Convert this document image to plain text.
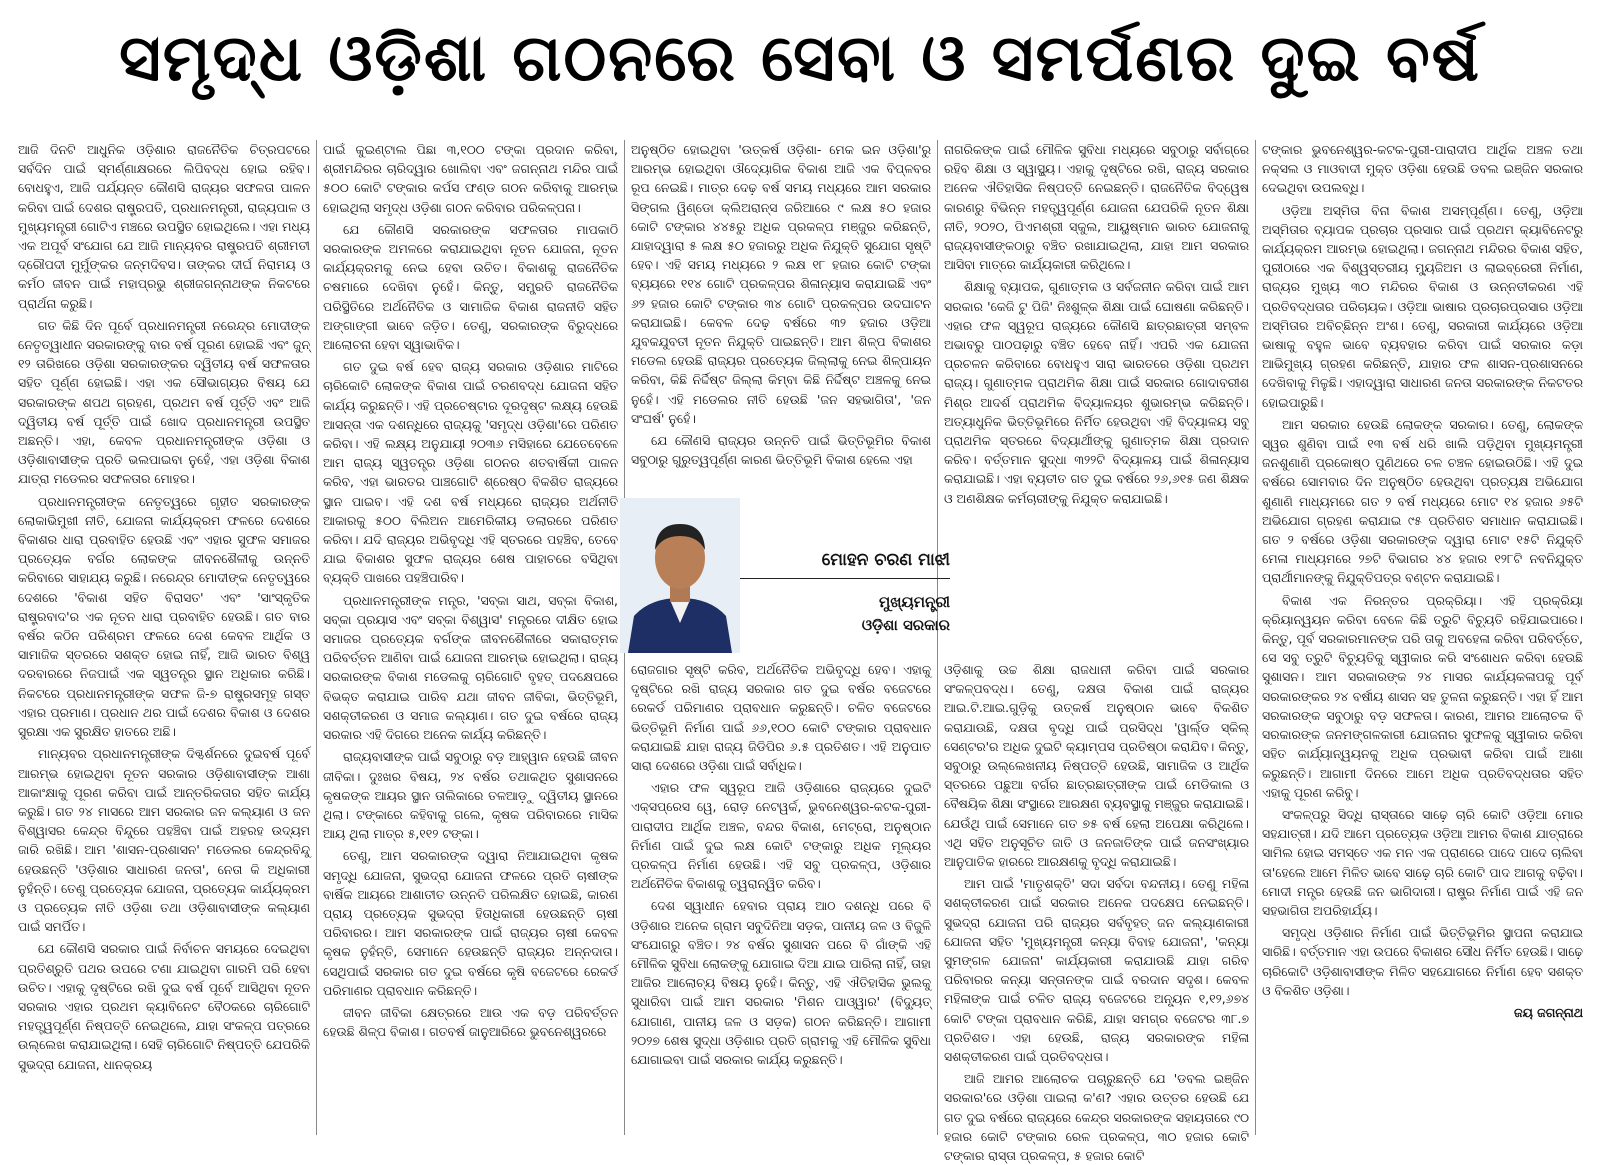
ସମୃଦ୍ଧ ଓଡ଼ିଶା ଗଠନରେ ସେବା ଓ ସମର୍ପଣର ଦୁଇ ବର୍ଷ

ଆଜି ଦିନଟି ଆଧୁନିକ ଓଡ଼ିଶାର ରାଜନୈତିକ ଚିତ୍ରପଟରେ ସର୍ବଦିନ ପାଇଁ ସ୍ମର୍ଣ୍ଣାକ୍ଷରରେ ଲିପିବଦ୍ଧ ହୋଇ ରହିବ। ବୋଧହୁଏ, ଆଜି ପର୍ଯ୍ୟନ୍ତ କୌଣସି ରାଜ୍ୟର ସଫଳତା ପାଳନ କରିବା ପାଇଁ ଦେଶର ରାଷ୍ଟ୍ରପତି, ପ୍ରଧାନମନ୍ତ୍ରୀ, ରାଜ୍ୟପାଳ ଓ ମୁଖ୍ୟମନ୍ତ୍ରୀ ଗୋଟିଏ ମଞ୍ଚରେ ଉପସ୍ଥିତ ହୋଇଥିଲେ। ଏହା ମଧ୍ୟ ଏକ ଅପୂର୍ବ ସଂଯୋଗ ଯେ ଆଜି ମାନ୍ୟବର ରାଷ୍ଟ୍ରପତି ଶ୍ରୀମତୀ ଦ୍ରୌପଦୀ ମୁର୍ମୁଙ୍କର ଜନ୍ମଦିବସ। ତାଙ୍କର ଦୀର୍ଘ ନିରାମୟ ଓ କର୍ମଠ ଜୀବନ ପାଇଁ ମହାପ୍ରଭୁ ଶ୍ରୀଜଗନ୍ନାଥଙ୍କ ନିକଟରେ ପ୍ରାର୍ଥନା କରୁଛି।

ଗତ କିଛି ଦିନ ପୂର୍ବେ ପ୍ରଧାନମନ୍ତ୍ରୀ ନରେନ୍ଦ୍ର ମୋଦୀଙ୍କ ନେତୃତ୍ୱାଧୀନ ସରକାରଙ୍କୁ ବାର ବର୍ଷ ପୂରଣ ହୋଇଛି ଏବଂ ଜୁନ୍ ୧୨ ତାରିଖରେ ଓଡ଼ିଶା ସରକାରଙ୍କର ଦ୍ୱିତୀୟ ବର୍ଷ ସଫଳତାର ସହିତ ପୂର୍ଣ୍ଣ ହୋଇଛି। ଏହା ଏକ ସୌଭାଗ୍ୟର ବିଷୟ ଯେ ସରକାରଙ୍କ ଶପଥ ଗ୍ରହଣ, ପ୍ରଥମ ବର୍ଷ ପୂର୍ତ୍ତି ଏବଂ ଆଜି ଦ୍ୱିତୀୟ ବର୍ଷ ପୂର୍ତ୍ତି ପାଇଁ ଖୋଦ ପ୍ରଧାନମନ୍ତ୍ରୀ ଉପସ୍ଥିତ ଅଛନ୍ତି। ଏହା, କେବଳ ପ୍ରଧାନମନ୍ତ୍ରୀଙ୍କ ଓଡ଼ିଶା ଓ ଓଡ଼ିଶାବାସୀଙ୍କ ପ୍ରତି ଭଲପାଇବା ନୁହେଁ, ଏହା ଓଡ଼ିଶା ବିକାଶ ଯାତ୍ରା ମଡେଲର ସଫଳତାର ମୋହର।

ପ୍ରଧାନମନ୍ତ୍ରୀଙ୍କ ନେତୃତ୍ୱରେ ଗୃହୀତ ସରକାରଙ୍କ ଲୋକାଭିମୁଖୀ ନୀତି, ଯୋଜନା କାର୍ଯ୍ୟକ୍ରମ ଫଳରେ ଦେଶରେ ବିକାଶର ଧାରା ପ୍ରବାହିତ ହେଉଛି ଏବଂ ଏହାର ସୁଫଳ ସମାଜର ପ୍ରତ୍ୟେକ ବର୍ଗର ଲୋକଙ୍କ ଜୀବନଶୈଳୀକୁ ଉନ୍ନତି କରିବାରେ ସାହାଯ୍ୟ କରୁଛି। ନରେନ୍ଦ୍ର ମୋଦୀଙ୍କ ନେତୃତ୍ୱରେ ଦେଶରେ 'ବିକାଶ ସହିତ ବିରାସତ' ଏବଂ 'ସାଂସ୍କୃତିକ ରାଷ୍ଟ୍ରବାଦ'ର ଏକ ନୂତନ ଧାରା ପ୍ରବାହିତ ହେଉଛି। ଗତ ବାର ବର୍ଷର କଠିନ ପରିଶ୍ରମ ଫଳରେ ଦେଶ କେବଳ ଆର୍ଥିକ ଓ ସାମାଜିକ ସ୍ତରରେ ସଶକ୍ତ ହୋଇ ନାହିଁ, ଆଜି ଭାରତ ବିଶ୍ୱ ଦରବାରରେ ନିଜପାଇଁ ଏକ ସ୍ୱତନ୍ତ୍ର ସ୍ଥାନ ଅଧିକାର କରିଛି। ନିକଟରେ ପ୍ରଧାନମନ୍ତ୍ରୀଙ୍କ ସଫଳ ଜି-୭ ରାଷ୍ଟ୍ରସମୂହ ଗସ୍ତ ଏହାର ପ୍ରମାଣ। ପ୍ରଧାନ ଥର ପାଇଁ ଦେଶର ବିକାଶ ଓ ଦେଶର ସୁରକ୍ଷା ଏକ ସୁରକ୍ଷିତ ହାତରେ ଅଛି।

ମାନ୍ୟବର ପ୍ରଧାନମନ୍ତ୍ରୀଙ୍କ ଦିଗ୍ଦର୍ଶନରେ ଦୁଇବର୍ଷ ପୂର୍ବେ ଆରମ୍ଭ ହୋଇଥିବା ନୂତନ ସରକାର ଓଡ଼ିଶାବାସୀଙ୍କ ଆଶା ଆକାଂକ୍ଷାକୁ ପୂରଣ କରିବା ପାଇଁ ଆନ୍ତରିକତାର ସହିତ କାର୍ଯ୍ୟ କରୁଛି। ଗତ ୨୪ ମାସରେ ଆମ ସରକାର ଜନ କଲ୍ୟାଣ ଓ ଜନ ବିଶ୍ୱାସର କେନ୍ଦ୍ର ବିନ୍ଦୁରେ ପହଞ୍ଚିବା ପାଇଁ ଅହରହ ଉଦ୍ୟମ ଜାରି ରଖିଛି। ଆମ 'ଶାସନ-ପ୍ରଶାସନ' ମଡେଲର କେନ୍ଦ୍ରବିନ୍ଦୁ ହେଉଛନ୍ତି 'ଓଡ଼ିଶାର ସାଧାରଣ ଜନତା', ନେତା କି ଅଧିକାରୀ ନୁହଁନ୍ତି। ତେଣୁ ପ୍ରତ୍ୟେକ ଯୋଜନା, ପ୍ରତ୍ୟେକ କାର୍ଯ୍ୟକ୍ରମ ଓ ପ୍ରତ୍ୟେକ ନୀତି ଓଡ଼ିଶା ତଥା ଓଡ଼ିଶାବାସୀଙ୍କ କଲ୍ୟାଣ ପାଇଁ ସମର୍ପିତ।

ଯେ କୌଣସି ସରକାର ପାଇଁ ନିର୍ବାଚନ ସମୟରେ ଦେଇଥିବା ପ୍ରତିଶ୍ରୁତି ପଥର ଉପରେ ଟଣା ଯାଇଥିବା ଗାରମି ପରି ହେବା ଉଚିତ। ଏହାକୁ ଦୃଷ୍ଟିରେ ରଖି ଦୁଇ ବର୍ଷ ପୂର୍ବେ ଆସିଥିବା ନୂତନ ସରକାର ଏହାର ପ୍ରଥମ କ୍ୟାବିନେଟ ବୈଠକରେ ଚାରିଗୋଟି ମହତ୍ତ୍ୱପୂର୍ଣ୍ଣ ନିଷ୍ପତ୍ତି ନେଇଥିଲେ, ଯାହା ସଂକଳ୍ପ ପତ୍ରରେ ଉଲ୍ଲେଖ କରାଯାଇଥିଲା। ସେହି ଚାରିଗୋଟି ନିଷ୍ପତ୍ତି ଯେପରିକି ସୁଭଦ୍ରା ଯୋଜନା, ଧାନକ୍ରୟ

ପାଇଁ କୁଇଣ୍ଟାଲ ପିଛା ୩,୧୦୦ ଟଙ୍କା ପ୍ରଦାନ କରିବା, ଶ୍ରୀମନ୍ଦିରର ଚାରିଦ୍ୱାର ଖୋଲିବା ଏବଂ ଜଗନ୍ନାଥ ମନ୍ଦିର ପାଇଁ ୫୦୦ କୋଟି ଟଙ୍କାର କର୍ପସ ଫଣ୍ଡ ଗଠନ କରିବାକୁ ଆରମ୍ଭ ହୋଇଥିଲା ସମୃଦ୍ଧ ଓଡ଼ିଶା ଗଠନ କରିବାର ପରିକଳ୍ପନା।

ଯେ କୌଣସି ସରକାରଙ୍କ ସଫଳତାର ମାପକାଠି ସରକାରଙ୍କ ଅମଳରେ କରାଯାଇଥିବା ନୂତନ ଯୋଜନା, ନୂତନ କାର୍ଯ୍ୟକ୍ରମକୁ ନେଇ ହେବା ଉଚିତ। ବିକାଶକୁ ରାଜନୈତିକ ଚଷମାରେ ଦେଖିବା ନୁହେଁ। କିନ୍ତୁ, ସମ୍ପ୍ରତି ରାଜନୈତିକ ପରିସ୍ଥିତିରେ ଅର୍ଥନୈତିକ ଓ ସାମାଜିକ ବିକାଶ ରାଜନୀତି ସହିତ ଅଙ୍ଗାଙ୍ଗୀ ଭାବେ ଜଡ଼ିତ। ତେଣୁ, ସରକାରଙ୍କ ବିରୁଦ୍ଧରେ ଆଲୋଚନା ହେବା ସ୍ୱାଭାବିକ।

ଗତ ଦୁଇ ବର୍ଷ ହେବ ରାଜ୍ୟ ସରକାର ଓଡ଼ିଶାର ମାଟିରେ ଚାରିକୋଟି ଲୋକଙ୍କ ବିକାଶ ପାଇଁ ଚରଣବଦ୍ଧ ଯୋଜନା ସହିତ କାର୍ଯ୍ୟ କରୁଛନ୍ତି। ଏହି ପ୍ରଚେଷ୍ଟାର ଦୂରଦୃଷ୍ଟ ଲକ୍ଷ୍ୟ ହେଉଛି ଆସନ୍ତା ଏକ ଦଶନ୍ଧିରେ ରାଜ୍ୟକୁ 'ସମୃଦ୍ଧ ଓଡ଼ିଶା'ରେ ପରିଣତ କରିବା। ଏହି ଲକ୍ଷ୍ୟ ଅନୁଯାୟୀ ୨୦୩୬ ମସିହାରେ ଯେତେବେଳେ ଆମ ରାଜ୍ୟ ସ୍ୱତନ୍ତ୍ର ଓଡ଼ିଶା ଗଠନର ଶତବାର୍ଷିକୀ ପାଳନ କରିବ, ଏହା ଭାରତର ପାଞ୍ଚଗୋଟି ଶ୍ରେଷ୍ଠ ବିକଶିତ ରାଜ୍ୟରେ ସ୍ଥାନ ପାଇବ। ଏହି ଦଶ ବର୍ଷ ମଧ୍ୟରେ ରାଜ୍ୟର ଅର୍ଥନୀତି ଆକାରକୁ ୫୦୦ ବିଲିଅନ ଆମେରିକୀୟ ଡଲାରରେ ପରିଣତ କରିବା। ଯଦି ରାଜ୍ୟର ଅଭିବୃଦ୍ଧି ଏହି ସ୍ତରରେ ପହଞ୍ଚିବ, ତେବେ ଯାଇ ବିକାଶର ସୁଫଳ ରାଜ୍ୟର ଶେଷ ପାହାଚରେ ବସିଥିବା ବ୍ୟକ୍ତି ପାଖରେ ପହଞ୍ଚିପାରିବ।

ପ୍ରଧାନମନ୍ତ୍ରୀଙ୍କ ମନ୍ତ୍ର, 'ସବ୍‌କା ସାଥ, ସବ୍‌କା ବିକାଶ, ସବ୍‌କା ପ୍ରୟାସ ଏବଂ ସବ୍‌କା ବିଶ୍ୱାସ' ମନ୍ତ୍ରରେ ଦୀକ୍ଷିତ ହୋଇ ସମାଜର ପ୍ରତ୍ୟେକ ବର୍ଗଙ୍କ ଜୀବନଶୈଳୀରେ ସକାରାତ୍ମକ ପରିବର୍ତ୍ତନ ଆଣିବା ପାଇଁ ଯୋଜନା ଆରମ୍ଭ ହୋଇଥିଲା। ରାଜ୍ୟ ସରକାରଙ୍କ ବିକାଶ ମଡେଲକୁ ଚାରିଗୋଟି ବୃହତ୍ ପଦକ୍ଷେପରେ ବିଭକ୍ତ କରାଯାଇ ପାରିବ ଯଥା ଜୀବନ ଜୀବିକା, ଭିତ୍ତିଭୂମି, ସଶକ୍ତୀକରଣ ଓ ସମାଜ କଲ୍ୟାଣ। ଗତ ଦୁଇ ବର୍ଷରେ ରାଜ୍ୟ ସରକାର ଏହି ଦିଗରେ ଅନେକ କାର୍ଯ୍ୟ କରିଛନ୍ତି।

ରାଜ୍ୟବାସୀଙ୍କ ପାଇଁ ସବୁଠାରୁ ବଡ଼ ଆହ୍ୱାନ ହେଉଛି ଜୀବନ ଜୀବିକା। ଦୁଃଖର ବିଷୟ, ୨୪ ବର୍ଷର ତଥାକଥିତ ସୁଶାସନରେ କୃଷକଙ୍କ ଆୟର ସ୍ଥାନ ତାଲିକାରେ ତଳଆଡ଼ୁ ଦ୍ୱିତୀୟ ସ୍ଥାନରେ ଥିଲା। ଟଙ୍କାରେ କହିବାକୁ ଗଲେ, କୃଷକ ପରିବାରରେ ମାସିକ ଆୟ ଥିଲା ମାତ୍ର ୫,୧୧୨ ଟଙ୍କା।

ତେଣୁ, ଆମ ସରକାରଙ୍କ ଦ୍ୱାରା ନିଆଯାଇଥିବା କୃଷକ ସମୃଦ୍ଧି ଯୋଜନା, ସୁଭଦ୍ରା ଯୋଜନା ଫଳରେ ପ୍ରତି ଚାଷୀଙ୍କ ବାର୍ଷିକ ଆୟରେ ଆଶାତୀତ ଉନ୍ନତି ପରିଲକ୍ଷିତ ହୋଇଛି, କାରଣ ପ୍ରାୟ ପ୍ରତ୍ୟେକ ସୁଭଦ୍ରା ହିତାଧିକାରୀ ହେଉଛନ୍ତି ଚାଷୀ ପରିବାରର। ଆମ ସରକାରଙ୍କ ପାଇଁ ରାଜ୍ୟର ଚାଷୀ କେବଳ କୃଷକ ନୁହଁନ୍ତି, ସେମାନେ ହେଉଛନ୍ତି ରାଜ୍ୟର ଅନ୍ନଦାତା। ସେଥିପାଇଁ ସରକାର ଗତ ଦୁଇ ବର୍ଷରେ କୃଷି ବଜେଟରେ ରେକର୍ଡ ପରିମାଣର ପ୍ରାବଧାନ କରିଛନ୍ତି।

ଜୀବନ ଜୀବିକା କ୍ଷେତ୍ରରେ ଆଉ ଏକ ବଡ଼ ପରିବର୍ତ୍ତନ ହେଉଛି ଶିଳ୍ପ ବିକାଶ। ଗତବର୍ଷ ଜାନୁଆରିରେ ଭୁବନେଶ୍ୱରରେ

ଅନୁଷ୍ଠିତ ହୋଇଥିବା 'ଉତ୍କର୍ଷ ଓଡ଼ିଶା- ମେକ ଇନ ଓଡ଼ିଶା'ରୁ ଆରମ୍ଭ ହୋଇଥିବା ଔଦ୍ୟୋଗିକ ବିକାଶ ଆଜି ଏକ ବିପ୍ଳବର ରୂପ ନେଇଛି। ମାତ୍ର ଦେଢ଼ ବର୍ଷ ସମୟ ମଧ୍ୟରେ ଆମ ସରକାର ସିଙ୍ଗଲ ୱିଣ୍ଡୋ କ୍ଲିଅରାନ୍ସ ଜରିଆରେ ୯ ଲକ୍ଷ ୫୦ ହଜାର କୋଟି ଟଙ୍କାର ୪୪୫ରୁ ଅଧିକ ପ୍ରକଳ୍ପ ମଞ୍ଜୁର କରିଛନ୍ତି, ଯାହାଦ୍ୱାରା ୫ ଲକ୍ଷ ୫୦ ହଜାରରୁ ଅଧିକ ନିଯୁକ୍ତି ସୁଯୋଗ ସୃଷ୍ଟି ହେବ। ଏହି ସମୟ ମଧ୍ୟରେ ୨ ଲକ୍ଷ ୧୮ ହଜାର କୋଟି ଟଙ୍କା ବ୍ୟୟରେ ୧୧୪ ଗୋଟି ପ୍ରକଳ୍ପର ଶିଳାନ୍ୟାସ କରାଯାଇଛି ଏବଂ ୬୨ ହଜାର କୋଟି ଟଙ୍କାର ୩୪ ଗୋଟି ପ୍ରକଳ୍ପର ଉଦଘାଟନ କରାଯାଇଛି। କେବଳ ଦେଢ଼ ବର୍ଷରେ ୩୨ ହଜାର ଓଡ଼ିଆ ଯୁବକଯୁବତୀ ନୂତନ ନିଯୁକ୍ତି ପାଇଛନ୍ତି। ଆମ ଶିଳ୍ପ ବିକାଶର ମଡେଲ ହେଉଛି ରାଜ୍ୟର ପ୍ରତ୍ୟେକ ଜିଲ୍ଲାକୁ ନେଇ ଶିଳ୍ପାୟନ କରିବା, କିଛି ନିର୍ଦ୍ଦିଷ୍ଟ ଜିଲ୍ଲା କିମ୍ବା କିଛି ନିର୍ଦ୍ଦିଷ୍ଟ ଅଞ୍ଚଳକୁ ନେଇ ନୁହେଁ। ଏହି ମଡେଲର ନୀତି ହେଉଛି 'ଜନ ସହଭାଗିତା', 'ଜନ ସଂଘର୍ଷ' ନୁହେଁ।

ଯେ କୌଣସି ରାଜ୍ୟର ଉନ୍ନତି ପାଇଁ ଭିତ୍ତିଭୂମିର ବିକାଶ ସବୁଠାରୁ ଗୁରୁତ୍ୱପୂର୍ଣ୍ଣ କାରଣ ଭିତ୍ତିଭୂମି ବିକାଶ ହେଲେ ଏହା

ରୋଜଗାର ସୃଷ୍ଟି କରିବ, ଅର୍ଥନୈତିକ ଅଭିବୃଦ୍ଧି ହେବ। ଏହାକୁ ଦୃଷ୍ଟିରେ ରଖି ରାଜ୍ୟ ସରକାର ଗତ ଦୁଇ ବର୍ଷର ବଜେଟରେ ରେକର୍ଡ ପରିମାଣର ପ୍ରାବଧାନ କରୁଛନ୍ତି। ଚଳିତ ବଜେଟରେ ଭିତ୍ତିଭୂମି ନିର୍ମାଣ ପାଇଁ ୬୬,୧୦୦ କୋଟି ଟଙ୍କାର ପ୍ରାବଧାନ କରାଯାଇଛି ଯାହା ରାଜ୍ୟ ଜିଡିପିର ୬.୫ ପ୍ରତିଶତ। ଏହି ଅନୁପାତ ସାରା ଦେଶରେ ଓଡ଼ିଶା ପାଇଁ ସର୍ବାଧିକ।

ଏହାର ଫଳ ସ୍ୱରୂପ ଆଜି ଓଡ଼ିଶାରେ ରାଜ୍ୟରେ ଦୁଇଟି ଏକ୍ସପ୍ରେସ ୱେ, ରୋଡ଼ ନେଟୱର୍କ, ଭୁବନେଶ୍ୱର-କଟକ-ପୁରୀ-ପାରାଦୀପ ଆର୍ଥିକ ଅଞ୍ଚଳ, ବନ୍ଦର ବିକାଶ, ମେଟ୍ରୋ, ଅନୁଷ୍ଠାନ ନିର୍ମାଣ ପାଇଁ ଦୁଇ ଲକ୍ଷ କୋଟି ଟଙ୍କାରୁ ଅଧିକ ମୂଲ୍ୟର ପ୍ରକଳ୍ପ ନିର୍ମାଣ ହେଉଛି। ଏହି ସବୁ ପ୍ରକଳ୍ପ, ଓଡ଼ିଶାର ଅର୍ଥନୈତିକ ବିକାଶକୁ ତ୍ୱରାନ୍ୱିତ କରିବ।

ଦେଶ ସ୍ୱାଧୀନ ହେବାର ପ୍ରାୟ ଆଠ ଦଶନ୍ଧି ପରେ ବି ଓଡ଼ିଶାର ଅନେକ ଗ୍ରାମ ସବୁଦିନିଆ ସଡ଼କ, ପାନୀୟ ଜଳ ଓ ବିଜୁଳି ସଂଯୋଗରୁ ବଞ୍ଚିତ। ୨୪ ବର୍ଷର ସୁଶାସନ ପରେ ବି ଗାଁଙ୍କି ଏହି ମୌଳିକ ସୁବିଧା ଲୋକଙ୍କୁ ଯୋଗାଇ ଦିଆ ଯାଇ ପାରିଲା ନାହିଁ, ତାହା ଆଜିର ଆଲୋଚ୍ୟ ବିଷୟ ନୁହେଁ। କିନ୍ତୁ, ଏହି ଐତିହାସିକ ଭୁଲକୁ ସୁଧାରିବା ପାଇଁ ଆମ ସରକାର 'ମିଶନ ପାଓ୍ୱାର' (ବିଦ୍ୟୁତ୍ ଯୋଗାଣ, ପାନୀୟ ଜଳ ଓ ସଡ଼କ) ଗଠନ କରିଛନ୍ତି। ଆଗାମୀ ୨୦୨୭ ଶେଷ ସୁଦ୍ଧା ଓଡ଼ିଶାର ପ୍ରତି ଗ୍ରାମକୁ ଏହି ମୌଳିକ ସୁବିଧା ଯୋଗାଇବା ପାଇଁ ସରକାର କାର୍ଯ୍ୟ କରୁଛନ୍ତି।

ନାଗରିକଙ୍କ ପାଇଁ ମୌଳିକ ସୁବିଧା ମଧ୍ୟରେ ସବୁଠାରୁ ସର୍ବାଗ୍ରେ ରହିବ ଶିକ୍ଷା ଓ ସ୍ୱାସ୍ଥ୍ୟ। ଏହାକୁ ଦୃଷ୍ଟିରେ ରଖି, ରାଜ୍ୟ ସରକାର ଅନେକ ଐତିହାସିକ ନିଷ୍ପତ୍ତି ନେଇଛନ୍ତି। ରାଜନୈତିକ ବିଦ୍ୱେଷ କାରଣରୁ ବିଭିନ୍ନ ମହତ୍ତ୍ୱପୂର୍ଣ୍ଣ ଯୋଜନା ଯେପରିକି ନୂତନ ଶିକ୍ଷା ନୀତି, ୨୦୨୦, ପିଏମଶ୍ରୀ ସ୍କୁଲ, ଆୟୁଷ୍ମାନ ଭାରତ ଯୋଜନାକୁ ରାଜ୍ୟବାସୀଙ୍କଠାରୁ ବଞ୍ଚିତ ରଖାଯାଇଥିଲା, ଯାହା ଆମ ସରକାର ଆସିବା ମାତ୍ରେ କାର୍ଯ୍ୟକାରୀ କରିଥିଲେ।

ଶିକ୍ଷାକୁ ବ୍ୟାପକ, ଗୁଣାତ୍ମକ ଓ ସର୍ବଜନୀନ କରିବା ପାଇଁ ଆମ ସରକାର 'କେଜି ଟୁ ପିଜି' ନିଃଶୁଳ୍କ ଶିକ୍ଷା ପାଇଁ ଘୋଷଣା କରିଛନ୍ତି। ଏହାର ଫଳ ସ୍ୱରୂପ ରାଜ୍ୟରେ କୌଣସି ଛାତ୍ରଛାତ୍ରୀ ସମ୍ବଳ ଅଭାବରୁ ପାଠପଢ଼ାରୁ ବଞ୍ଚିତ ହେବେ ନାହିଁ। ଏପରି ଏକ ଯୋଜନା ପ୍ରଚଳନ କରିବାରେ ବୋଧହୁଏ ସାରା ଭାରତରେ ଓଡ଼ିଶା ପ୍ରଥମ ରାଜ୍ୟ। ଗୁଣାତ୍ମକ ପ୍ରାଥମିକ ଶିକ୍ଷା ପାଇଁ ସରକାର ଗୋଦାବରୀଶ ମିଶ୍ର ଆଦର୍ଶ ପ୍ରାଥମିକ ବିଦ୍ୟାଳୟର ଶୁଭାରମ୍ଭ କରିଛନ୍ତି। ଅତ୍ୟାଧୁନିକ ଭିତ୍ତିଭୂମିରେ ନିର୍ମିତ ହେଉଥିବା ଏହି ବିଦ୍ୟାଳୟ ସବୁ ପ୍ରାଥମିକ ସ୍ତରରେ ବିଦ୍ୟାର୍ଥୀଙ୍କୁ ଗୁଣାତ୍ମକ ଶିକ୍ଷା ପ୍ରଦାନ କରିବ। ବର୍ତ୍ତମାନ ସୁଦ୍ଧା ୩୨୨ଟି ବିଦ୍ୟାଳୟ ପାଇଁ ଶିଳାନ୍ୟାସ କରାଯାଇଛି। ଏହା ବ୍ୟତୀତ ଗତ ଦୁଇ ବର୍ଷରେ ୨୬,୬୧୫ ଜଣ ଶିକ୍ଷକ ଓ ଅଣଶିକ୍ଷକ କର୍ମଚାରୀଙ୍କୁ ନିଯୁକ୍ତ କରାଯାଇଛି।

ଓଡ଼ିଶାକୁ ଉଚ୍ଚ ଶିକ୍ଷା ରାଜଧାନୀ କରିବା ପାଇଁ ସରକାର ସଂକଳ୍ପବଦ୍ଧ। ତେଣୁ, ଦକ୍ଷତା ବିକାଶ ପାଇଁ ରାଜ୍ୟର ଆଇ.ଟି.ଆଇ.ଗୁଡ଼ିକୁ ଉତ୍କର୍ଷ ଅନୁଷ୍ଠାନ ଭାବେ ବିକଶିତ କରାଯାଉଛି, ଦକ୍ଷତା ବୃଦ୍ଧି ପାଇଁ ପ୍ରସିଦ୍ଧ 'ୱାର୍ଲ୍ଡ ସ୍କିଲ୍ ସେଣ୍ଟର'ର ଅଧିକ ଦୁଇଟି କ୍ୟାମ୍ପସ ପ୍ରତିଷ୍ଠା କରାଯିବ। କିନ୍ତୁ, ସବୁଠାରୁ ଉଲ୍ଲେଖନୀୟ ନିଷ୍ପତ୍ତି ହେଉଛି, ସାମାଜିକ ଓ ଆର୍ଥିକ ସ୍ତରରେ ପଛୁଆ ବର୍ଗର ଛାତ୍ରଛାତ୍ରୀଙ୍କ ପାଇଁ ମେଡିକାଲ ଓ ବୈଷୟିକ ଶିକ୍ଷା ସଂସ୍ଥାରେ ଆରକ୍ଷଣ ବ୍ୟବସ୍ଥାକୁ ମଞ୍ଜୁର କରାଯାଇଛି। ଯେଉଁଥି ପାଇଁ ସେମାନେ ଗତ ୭୫ ବର୍ଷ ହେଲା ଅପେକ୍ଷା କରିଥିଲେ। ଏଥି ସହିତ ଅନୁସୂଚିତ ଜାତି ଓ ଜନଜାତିଙ୍କ ପାଇଁ ଜନସଂଖ୍ୟାର ଆନୁପାତିକ ହାରରେ ଆରକ୍ଷଣକୁ ବୃଦ୍ଧି କରାଯାଇଛି।

ଆମ ପାଇଁ 'ମାତୃଶକ୍ତି' ସଦା ସର୍ବଦା ବନ୍ଦନୀୟ। ତେଣୁ ମହିଳା ସଶକ୍ତୀକରଣ ପାଇଁ ସରକାର ଅନେକ ପଦକ୍ଷେପ ନେଇଛନ୍ତି। ସୁଭଦ୍ରା ଯୋଜନା ପରି ରାଜ୍ୟର ସର୍ବବୃହତ୍ ଜନ କଲ୍ୟାଣକାରୀ ଯୋଜନା ସହିତ 'ମୁଖ୍ୟମନ୍ତ୍ରୀ କନ୍ୟା ବିବାହ ଯୋଜନା', 'କନ୍ୟା ସୁମଙ୍ଗଳ ଯୋଜନା' କାର୍ଯ୍ୟକାରୀ କରାଯାଉଛି ଯାହା ଗରିବ ପରିବାରର କନ୍ୟା ସନ୍ତାନଙ୍କ ପାଇଁ ବରଦାନ ସଦୃଶ। କେବଳ ମହିଳାଙ୍କ ପାଇଁ ଚଳିତ ରାଜ୍ୟ ବଜେଟରେ ଅନ୍ୟୂନ ୧,୧୨,୬୭୪ କୋଟି ଟଙ୍କା ପ୍ରାବଧାନ କରିଛି, ଯାହା ସମଗ୍ର ବଜେଟର ୩୮.୭ ପ୍ରତିଶତ। ଏହା ହେଉଛି, ରାଜ୍ୟ ସରକାରଙ୍କ ମହିଳା ସଶକ୍ତୀକରଣ ପାଇଁ ପ୍ରତିବଦ୍ଧତା।

ଆଜି ଆମର ଆଲୋଚକ ପଚାରୁଛନ୍ତି ଯେ 'ଡବଲ ଇଞ୍ଜିନ ସରକାର'ରେ ଓଡ଼ିଶା ପାଇଲା କ'ଣ? ଏହାର ଉତ୍ତର ହେଉଛି ଯେ ଗତ ଦୁଇ ବର୍ଷରେ ରାଜ୍ୟରେ କେନ୍ଦ୍ର ସରକାରଙ୍କ ସହାୟତାରେ ୯୦ ହଜାର କୋଟି ଟଙ୍କାର ରେଳ ପ୍ରକଳ୍ପ, ୩୦ ହଜାର କୋଟି ଟଙ୍କାର ରାସ୍ତା ପ୍ରକଳ୍ପ, ୫ ହଜାର କୋଟି

ଟଙ୍କାର ଭୁବନେଶ୍ୱର-କଟକ-ପୁରୀ-ପାରାଦୀପ ଆର୍ଥିକ ଅଞ୍ଚଳ ତଥା ନକ୍ସଲ ଓ ମାଓବାଦୀ ମୁକ୍ତ ଓଡ଼ିଶା ହେଉଛି ଡବଲ ଇଞ୍ଜିନ ସରକାର ଦେଇଥିବା ଉପଲବ୍ଧି।

ଓଡ଼ିଆ ଅସ୍ମିତା ବିନା ବିକାଶ ଅସମ୍ପୂର୍ଣ୍ଣ। ତେଣୁ, ଓଡ଼ିଆ ଅସ୍ମିତାର ବ୍ୟାପକ ପ୍ରଚାର ପ୍ରସାର ପାଇଁ ପ୍ରଥମ କ୍ୟାବିନେଟରୁ କାର୍ଯ୍ୟକ୍ରମ ଆରମ୍ଭ ହୋଇଥିଲା। ଜଗନ୍ନାଥ ମନ୍ଦିରର ବିକାଶ ସହିତ, ପୁରୀଠାରେ ଏକ ବିଶ୍ୱସ୍ତରୀୟ ମ୍ୟୁଜିଅମ ଓ ଲାଇବ୍ରେରୀ ନିର୍ମାଣ, ରାଜ୍ୟର ମୁଖ୍ୟ ୩୦ ମନ୍ଦିରର ବିକାଶ ଓ ଉନ୍ନତୀକରଣ ଏହି ପ୍ରତିବଦ୍ଧତାର ପରିଚାୟକ। ଓଡ଼ିଆ ଭାଷାର ପ୍ରଚାରପ୍ରସାର ଓଡ଼ିଆ ଅସ୍ମିତାର ଅବିଚ୍ଛିନ୍ନ ଅଂଶ। ତେଣୁ, ସରକାରୀ କାର୍ଯ୍ୟରେ ଓଡ଼ିଆ ଭାଷାକୁ ବହୁଳ ଭାବେ ବ୍ୟବହାର କରିବା ପାଇଁ ସରକାର କଡ଼ା ଆଭିମୁଖ୍ୟ ଗ୍ରହଣ କରିଛନ୍ତି, ଯାହାର ଫଳ ଶାସନ-ପ୍ରଶାସନରେ ଦେଖିବାକୁ ମିଳୁଛି। ଏହାଦ୍ୱାରା ସାଧାରଣ ଜନତା ସରକାରଙ୍କ ନିକଟତର ହୋଇପାରୁଛି।

ଆମ ସରକାର ହେଉଛି ଲୋକଙ୍କ ସରକାର। ତେଣୁ, ଲୋକଙ୍କ ସ୍ୱର ଶୁଣିବା ପାଇଁ ୧୩ ବର୍ଷ ଧରି ଖାଲି ପଡ଼ିଥିବା ମୁଖ୍ୟମନ୍ତ୍ରୀ ଜନଶୁଣାଣି ପ୍ରକୋଷ୍ଠ ପୁଣିଥରେ ଚଳ ଚଞ୍ଚଳ ହୋଇଉଠିଛି। ଏହି ଦୁଇ ବର୍ଷରେ ସୋମବାର ଦିନ ଅନୁଷ୍ଠିତ ହେଉଥିବା ପ୍ରତ୍ୟକ୍ଷ ଅଭିଯୋଗ ଶୁଣାଣି ମାଧ୍ୟମରେ ଗତ ୨ ବର୍ଷ ମଧ୍ୟରେ ମୋଟ ୧୪ ହଜାର ୬୫ଟି ଅଭିଯୋଗ ଗ୍ରହଣ କରାଯାଇ ୯୫ ପ୍ରତିଶତ ସମାଧାନ କରାଯାଇଛି। ଗତ ୨ ବର୍ଷରେ ଓଡ଼ିଶା ସରକାରଙ୍କ ଦ୍ୱାରା ମୋଟ ୧୫ଟି ନିଯୁକ୍ତି ମେଳା ମାଧ୍ୟମରେ ୨୭ଟି ବିଭାଗର ୪୪ ହଜାର ୧୨୮ଟି ନବନିଯୁକ୍ତ ପ୍ରାର୍ଥୀମାନଙ୍କୁ ନିଯୁକ୍ତିପତ୍ର ବଣ୍ଟନ କରାଯାଇଛି।

ବିକାଶ ଏକ ନିରନ୍ତର ପ୍ରକ୍ରିୟା। ଏହି ପ୍ରକ୍ରିୟା କ୍ରିୟାନ୍ୱୟନ କରିବା ବେଳେ କିଛି ତ୍ରୁଟି ବିଚ୍ୟୁତି ରହିଯାଇପାରେ। କିନ୍ତୁ, ପୂର୍ବ ସରକାରମାନଙ୍କ ପରି ତାକୁ ଅବହେଳା କରିବା ପରିବର୍ତ୍ତେ, ସେ ସବୁ ତ୍ରୁଟି ବିଚ୍ୟୁତିକୁ ସ୍ୱୀକାର କରି ସଂଶୋଧନ କରିବା ହେଉଛି ସୁଶାସନ। ଆମ ସରକାରଙ୍କ ୨୪ ମାସର କାର୍ଯ୍ୟକଳାପକୁ ପୂର୍ବ ସରକାରଙ୍କର ୨୪ ବର୍ଷୀୟ ଶାସନ ସହ ତୁଳନା କରୁଛନ୍ତି। ଏହା ହିଁ ଆମ ସରକାରଙ୍କ ସବୁଠାରୁ ବଡ଼ ସଫଳତା। କାରଣ, ଆମର ଆଲୋଚକ ବି ସରକାରଙ୍କ ଜନମଙ୍ଗଳକାରୀ ଯୋଜନାର ସୁଫଳକୁ ସ୍ୱୀକାର କରିବା ସହିତ କାର୍ଯ୍ୟାନ୍ୱୟନକୁ ଅଧିକ ପ୍ରଭାବୀ କରିବା ପାଇଁ ଆଶା କରୁଛନ୍ତି। ଆଗାମୀ ଦିନରେ ଆମେ ଅଧିକ ପ୍ରତିବଦ୍ଧତାର ସହିତ ଏହାକୁ ପୂରଣ କରିବୁ।

ସଂକଳ୍ପରୁ ସିଦ୍ଧି ରାସ୍ତାରେ ସାଢ଼େ ଚାରି କୋଟି ଓଡ଼ିଆ ମୋର ସହଯାତ୍ରୀ। ଯଦି ଆମେ ପ୍ରତ୍ୟେକ ଓଡ଼ିଆ ଆମର ବିକାଶ ଯାତ୍ରାରେ ସାମିଲ ହୋଇ ସମସ୍ତେ ଏକ ମନ ଏକ ପ୍ରାଣରେ ପାଦେ ପାଦେ ଚାଲିବା ତା'ହେଲେ ଆମେ ମିଳିତ ଭାବେ ସାଢ଼େ ଚାରି କୋଟି ପାଦ ଆଗକୁ ବଢ଼ିବା। ମୋଦୀ ମନ୍ତ୍ର ହେଉଛି ଜନ ଭାଗିଦାରୀ। ରାଷ୍ଟ୍ର ନିର୍ମାଣ ପାଇଁ ଏହି ଜନ ସହଭାଗିତା ଅପରିହାର୍ଯ୍ୟ।

ସମୃଦ୍ଧ ଓଡ଼ିଶାର ନିର୍ମାଣ ପାଇଁ ଭିତ୍ତିଭୂମିର ସ୍ଥାପନା କରାଯାଇ ସାରିଛି। ବର୍ତ୍ତମାନ ଏହା ଉପରେ ବିକାଶର ସୌଧ ନିର୍ମିତ ହେଉଛି। ସାଢ଼େ ଚାରିକୋଟି ଓଡ଼ିଶାବାସୀଙ୍କ ମିଳିତ ସହଯୋଗରେ ନିର୍ମାଣ ହେବ ସଶକ୍ତ ଓ ବିକଶିତ ଓଡ଼ିଶା।

ଜୟ ଜଗନ୍ନାଥ

ମୋହନ ଚରଣ ମାଝୀ
ମୁଖ୍ୟମନ୍ତ୍ରୀ
ଓଡ଼ିଶା ସରକାର
